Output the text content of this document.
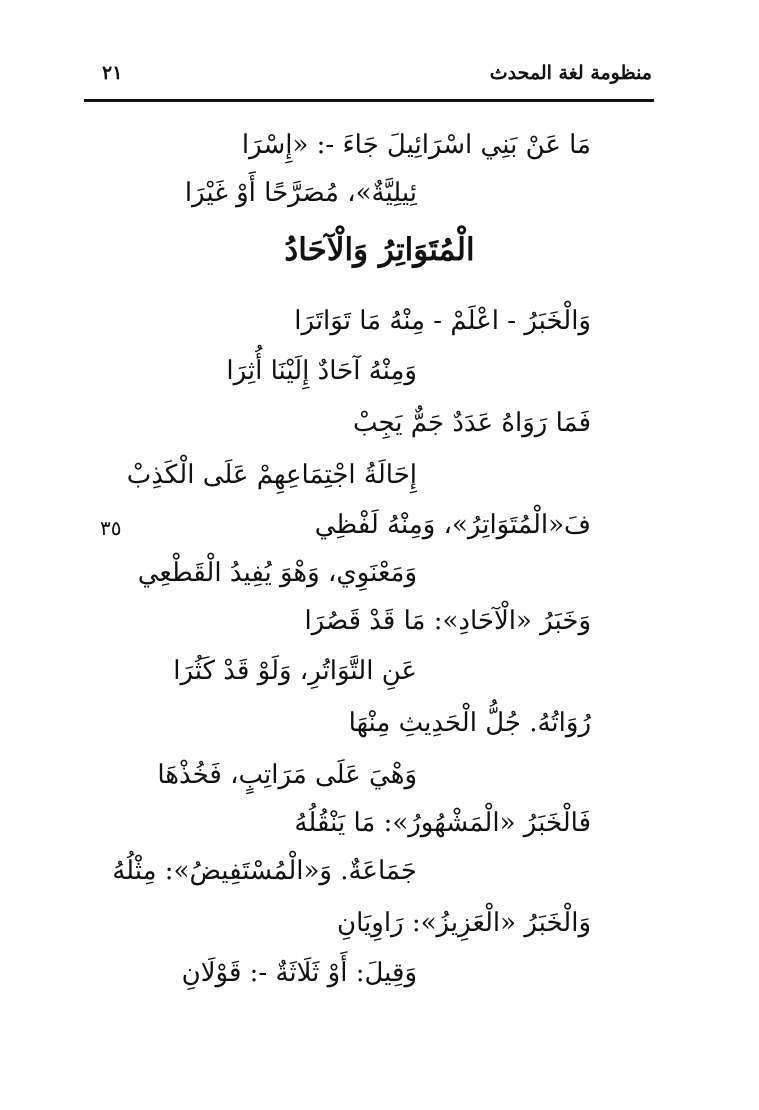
منظومة لغة المحدث
٢١
مَا عَنْ بَنِي اسْرَائِيلَ جَاءَ -: «إِسْرَا
ئِيلِيَّةٌ»، مُصَرَّحًا أَوْ غَيْرَا
الْمُتَوَاتِرُ وَالْآحَادُ
وَالْخَبَرُ - اعْلَمْ - مِنْهُ مَا تَوَاتَرَا
وَمِنْهُ آحَادٌ إِلَيْنَا أُثِرَا
فَمَا رَوَاهُ عَدَدٌ جَمٌّ يَجِبْ
إِحَالَةُ اجْتِمَاعِهِمْ عَلَى الْكَذِبْ
٣٥	فَ«الْمُتَوَاتِرُ»، وَمِنْهُ لَفْظِي
وَمَعْنَوِي، وَهْوَ يُفِيدُ الْقَطْعِي
وَخَبَرُ «الْآحَادِ»: مَا قَدْ قَصُرَا
عَنِ التَّوَاتُرِ، وَلَوْ قَدْ كَثُرَا
رُوَاتُهُ. جُلُّ الْحَدِيثِ مِنْهَا
وَهْيَ عَلَى مَرَاتِبٍ، فَخُذْهَا
فَالْخَبَرُ «الْمَشْهُورُ»: مَا يَنْقُلُهُ
جَمَاعَةٌ. وَ«الْمُسْتَفِيضُ»: مِثْلُهُ
وَالْخَبَرُ «الْعَزِيزُ»: رَاوِيَانِ
وَقِيلَ: أَوْ ثَلَاثَةٌ -: قَوْلَانِ
